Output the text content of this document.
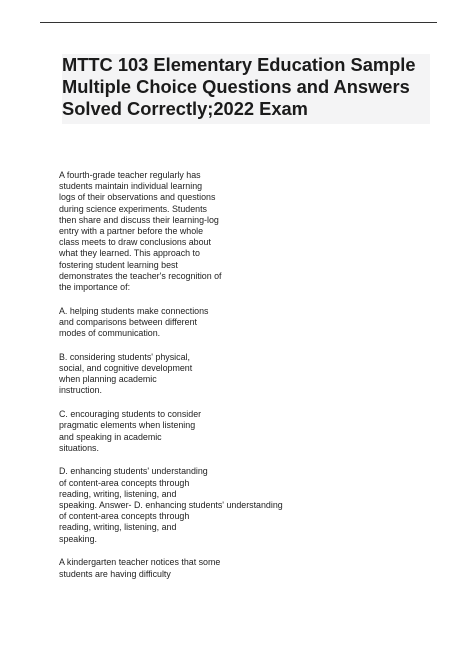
MTTC 103 Elementary Education Sample
Multiple Choice Questions and Answers
Solved Correctly;2022 Exam
A fourth-grade teacher regularly has
students maintain individual learning
logs of their observations and questions
during science experiments. Students
then share and discuss their learning-log
entry with a partner before the whole
class meets to draw conclusions about
what they learned. This approach to
fostering student learning best
demonstrates the teacher's recognition of
the importance of:
A. helping students make connections
and comparisons between different
modes of communication.
B. considering students' physical,
social, and cognitive development
when planning academic
instruction.
C. encouraging students to consider
pragmatic elements when listening
and speaking in academic
situations.
D. enhancing students' understanding
of content-area concepts through
reading, writing, listening, and
speaking. Answer- D. enhancing students' understanding
of content-area concepts through
reading, writing, listening, and
speaking.
A kindergarten teacher notices that some
students are having difficulty
